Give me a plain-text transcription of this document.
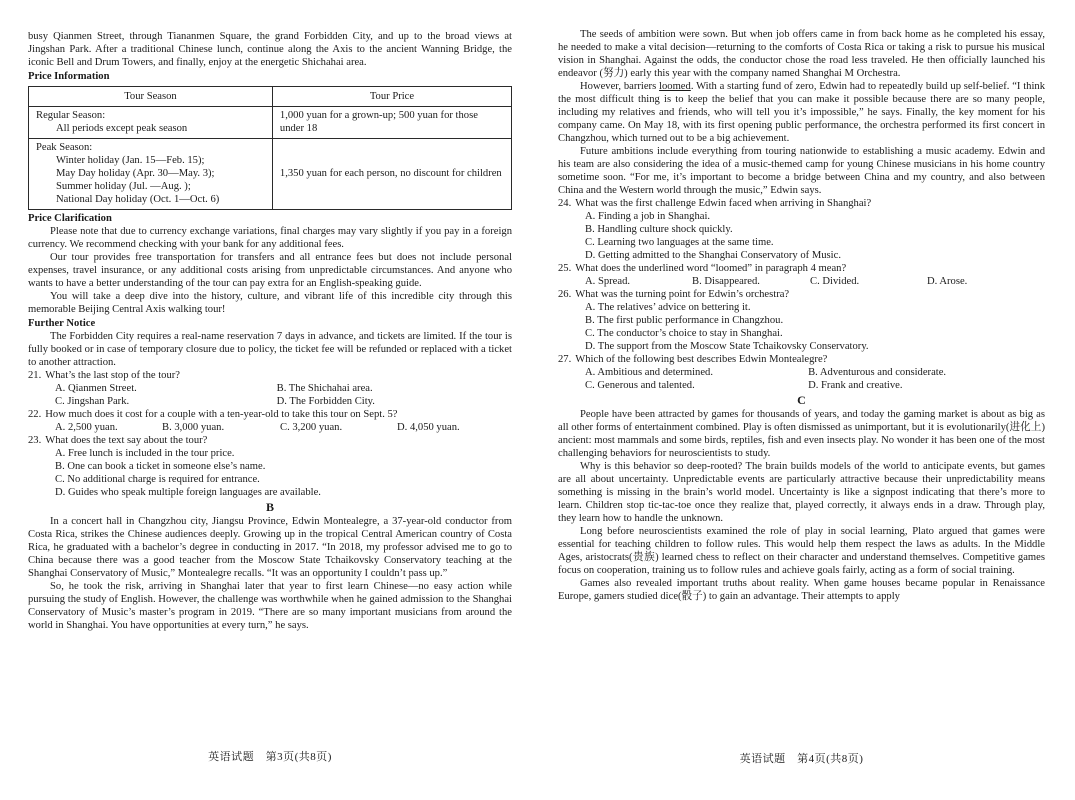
busy Qianmen Street, through Tiananmen Square, the grand Forbidden City, and up to the broad views at Jingshan Park. After a traditional Chinese lunch, continue along the Axis to the ancient Wanning Bridge, the iconic Bell and Drum Towers, and finally, enjoy at the energetic Shichahai area.

Price Information

Tour Season	Tour Price

Regular Season:
All periods except peak season	1,000 yuan for a grown-up; 500 yuan for those under 18

Peak Season:
Winter holiday (Jan. 15—Feb. 15);
May Day holiday (Apr. 30—May. 3);
Summer holiday (Jul. —Aug. );
National Day holiday (Oct. 1—Oct. 6)	1,350 yuan for each person, no discount for children

Price Clarification

Please note that due to currency exchange variations, final charges may vary slightly if you pay in a foreign currency. We recommend checking with your bank for any additional fees.

Our tour provides free transportation for transfers and all entrance fees but does not include personal expenses, travel insurance, or any additional costs arising from unpredictable circumstances. And anyone who wants to have a better understanding of the tour can pay extra for an English-speaking guide.

You will take a deep dive into the history, culture, and vibrant life of this incredible city through this memorable Beijing Central Axis walking tour!

Further Notice

The Forbidden City requires a real-name reservation 7 days in advance, and tickets are limited. If the tour is fully booked or in case of temporary closure due to policy, the ticket fee will be refunded or replaced with a ticket to another attraction.

21. What’s the last stop of the tour?
A. Qianmen Street.	B. The Shichahai area.
C. Jingshan Park.	D. The Forbidden City.
22. How much does it cost for a couple with a ten-year-old to take this tour on Sept. 5?
A. 2,500 yuan.	B. 3,000 yuan.	C. 3,200 yuan.	D. 4,050 yuan.
23. What does the text say about the tour?
A. Free lunch is included in the tour price.
B. One can book a ticket in someone else’s name.
C. No additional charge is required for entrance.
D. Guides who speak multiple foreign languages are available.
B

In a concert hall in Changzhou city, Jiangsu Province, Edwin Montealegre, a 37-year-old conductor from Costa Rica, strikes the Chinese audiences deeply. Growing up in the tropical Central American country of Costa Rica, he graduated with a bachelor’s degree in conducting in 2017. “In 2018, my professor advised me to go to China because there was a good teacher from the Moscow State Tchaikovsky Conservatory teaching at the Shanghai Conservatory of Music,” Montealegre recalls. “It was an opportunity I couldn’t pass up.”

So, he took the risk, arriving in Shanghai later that year to first learn Chinese—no easy action while pursuing the study of English. However, the challenge was worthwhile when he gained admission to the Shanghai Conservatory of Music’s master’s program in 2019. “There are so many important musicians from around the world in Shanghai. You have opportunities at every turn,” he says.

The seeds of ambition were sown. But when job offers came in from back home as he completed his essay, he needed to make a vital decision—returning to the comforts of Costa Rica or taking a risk to pursue his musical vision in Shanghai. Against the odds, the conductor chose the road less traveled. He then officially launched his endeavor (努力) early this year with the company named Shanghai M Orchestra.

However, barriers loomed. With a starting fund of zero, Edwin had to repeatedly build up self-belief. “I think the most difficult thing is to keep the belief that you can make it possible because there are so many people, including my relatives and friends, who will tell you it’s impossible,” he says. Finally, the key moment for his company came. On May 18, with its first opening public performance, the orchestra performed its first concert in Changzhou, which turned out to be a big achievement.

Future ambitions include everything from touring nationwide to establishing a music academy. Edwin and his team are also considering the idea of a music-themed camp for young Chinese musicians in his home country sometime soon. “For me, it’s important to become a bridge between China and my country, and also between China and the Western world through the music,” Edwin says.

24. What was the first challenge Edwin faced when arriving in Shanghai?
A. Finding a job in Shanghai.
B. Handling culture shock quickly.
C. Learning two languages at the same time.
D. Getting admitted to the Shanghai Conservatory of Music.
25. What does the underlined word “loomed” in paragraph 4 mean?
A. Spread.	B. Disappeared.	C. Divided.	D. Arose.
26. What was the turning point for Edwin’s orchestra?
A. The relatives’ advice on bettering it.
B. The first public performance in Changzhou.
C. The conductor’s choice to stay in Shanghai.
D. The support from the Moscow State Tchaikovsky Conservatory.
27. Which of the following best describes Edwin Montealegre?
A. Ambitious and determined.	B. Adventurous and considerate.
C. Generous and talented.	D. Frank and creative.
C

People have been attracted by games for thousands of years, and today the gaming market is about as big as all other forms of entertainment combined. Play is often dismissed as unimportant, but it is evolutionarily(进化上) ancient: most mammals and some birds, reptiles, fish and even insects play. No wonder it has been one of the most challenging behaviors for neuroscientists to study.

Why is this behavior so deep-rooted? The brain builds models of the world to anticipate events, but games are all about uncertainty. Unpredictable events are particularly attractive because their unpredictability means something is missing in the brain’s world model. Uncertainty is like a signpost indicating that there’s more to learn. Children stop tic-tac-toe once they realize that, played correctly, it always ends in a draw. Through play, they learn how to handle the unknown.

Long before neuroscientists examined the role of play in social learning, Plato argued that games were essential for teaching children to follow rules. This would help them respect the laws as adults. In the Middle Ages, aristocrats(贵族) learned chess to reflect on their character and understand themselves. Competitive games focus on cooperation, training us to follow rules and achieve goals fairly, acting as a form of social training.

Games also revealed important truths about reality. When game houses became popular in Renaissance Europe, gamers studied dice(骰子) to gain an advantage. Their attempts to apply

英语试题　第3页(共8页)	英语试题　第4页(共8页)
